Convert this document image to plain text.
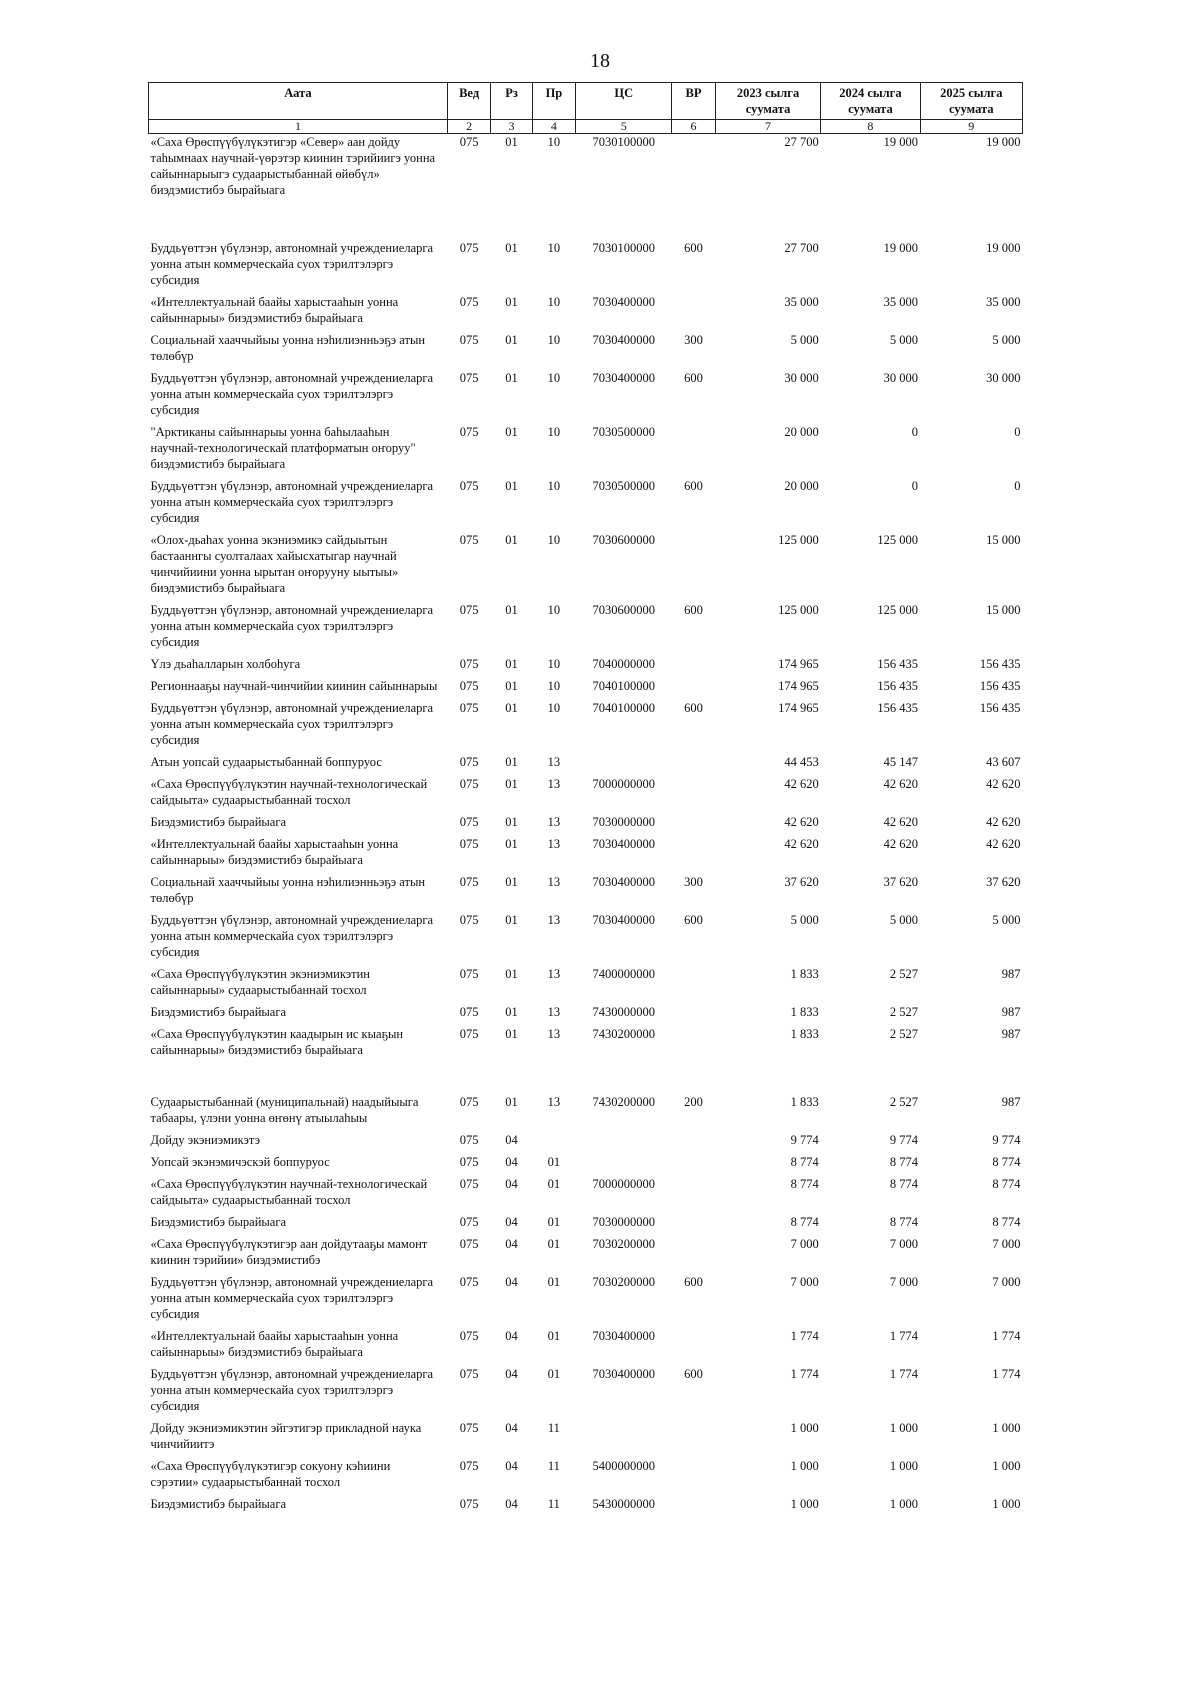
18
Аата	Вед	Рз	Пр	ЦС	ВР	2023 сылга суумата	2024 сылга суумата	2025 сылга суумата
1	2	3	4	5	6	7	8	9
«Саха Өрөспүүбүлүкэтигэр «Север» аан дойду таһымнаах научнай-үөрэтэр киинин тэрийиигэ уонна сайыннарыыгэ судаарыстыбаннай өйөбүл» биэдэмистибэ бырайыага	075	01	10	7030100000		27 700	19 000	19 000
Буддьүөттэн үбүлэнэр, автономнай учреждениеларга уонна атын коммерческайа суох тэрилтэлэргэ субсидия	075	01	10	7030100000	600	27 700	19 000	19 000
«Интеллектуальнай баайы харыстааһын уонна сайыннарыы» биэдэмистибэ бырайыага	075	01	10	7030400000		35 000	35 000	35 000
Социальнай хааччыйыы уонна нэһилиэнньэҕэ атын төлөбүр	075	01	10	7030400000	300	5 000	5 000	5 000
Буддьүөттэн үбүлэнэр, автономнай учреждениеларга уонна атын коммерческайа суох тэрилтэлэргэ субсидия	075	01	10	7030400000	600	30 000	30 000	30 000
"Арктиканы сайыннарыы уонна баһылааһын научнай-технологическай платформатын оҥоруу" биэдэмистибэ бырайыага	075	01	10	7030500000		20 000	0	0
Буддьүөттэн үбүлэнэр, автономнай учреждениеларга уонна атын коммерческайа суох тэрилтэлэргэ субсидия	075	01	10	7030500000	600	20 000	0	0
«Олох-дьаһах уонна экэниэмикэ сайдыытын бастааннгы суолталаах хайысхатыгар научнай чинчийиини уонна ырытан оҥорууну ыытыы» биэдэмистибэ бырайыага	075	01	10	7030600000		125 000	125 000	15 000
Буддьүөттэн үбүлэнэр, автономнай учреждениеларга уонна атын коммерческайа суох тэрилтэлэргэ субсидия	075	01	10	7030600000	600	125 000	125 000	15 000
Үлэ дьаһалларын холбоһуга	075	01	10	7040000000		174 965	156 435	156 435
Регионнааҕы научнай-чинчийии киинин сайыннарыы	075	01	10	7040100000		174 965	156 435	156 435
Буддьүөттэн үбүлэнэр, автономнай учреждениеларга уонна атын коммерческайа суох тэрилтэлэргэ субсидия	075	01	10	7040100000	600	174 965	156 435	156 435
Атын уопсай судаарыстыбаннай боппуруос	075	01	13			44 453	45 147	43 607
«Саха Өрөспүүбүлүкэтин научнай-технологическай сайдыыта» судаарыстыбаннай тосхол	075	01	13	7000000000		42 620	42 620	42 620
Биэдэмистибэ бырайыага	075	01	13	7030000000		42 620	42 620	42 620
«Интеллектуальнай баайы харыстааһын уонна сайыннарыы» биэдэмистибэ бырайыага	075	01	13	7030400000		42 620	42 620	42 620
Социальнай хааччыйыы уонна нэһилиэнньэҕэ атын төлөбүр	075	01	13	7030400000	300	37 620	37 620	37 620
Буддьүөттэн үбүлэнэр, автономнай учреждениеларга уонна атын коммерческайа суох тэрилтэлэргэ субсидия	075	01	13	7030400000	600	5 000	5 000	5 000
«Саха Өрөспүүбүлүкэтин экэниэмикэтин сайыннарыы» судаарыстыбаннай тосхол	075	01	13	7400000000		1 833	2 527	987
Биэдэмистибэ бырайыага	075	01	13	7430000000		1 833	2 527	987
«Саха Өрөспүүбүлүкэтин каадырын ис кыаҕын сайыннарыы» биэдэмистибэ бырайыага	075	01	13	7430200000		1 833	2 527	987
Судаарыстыбаннай (муниципальнай) наадыйыыга табаары, үлэни уонна өҥөнү атыылаһыы	075	01	13	7430200000	200	1 833	2 527	987
Дойду экэниэмикэтэ	075	04				9 774	9 774	9 774
Уопсай экэнэмичэскэй боппуруос	075	04	01			8 774	8 774	8 774
«Саха Өрөспүүбүлүкэтин научнай-технологическай сайдыыта» судаарыстыбаннай тосхол	075	04	01	7000000000		8 774	8 774	8 774
Биэдэмистибэ бырайыага	075	04	01	7030000000		8 774	8 774	8 774
«Саха Өрөспүүбүлүкэтигэр аан дойдутааҕы мамонт киинин тэрийии» биэдэмистибэ	075	04	01	7030200000		7 000	7 000	7 000
Буддьүөттэн үбүлэнэр, автономнай учреждениеларга уонна атын коммерческайа суох тэрилтэлэргэ субсидия	075	04	01	7030200000	600	7 000	7 000	7 000
«Интеллектуальнай баайы харыстааһын уонна сайыннарыы» биэдэмистибэ бырайыага	075	04	01	7030400000		1 774	1 774	1 774
Буддьүөттэн үбүлэнэр, автономнай учреждениеларга уонна атын коммерческайа суох тэрилтэлэргэ субсидия	075	04	01	7030400000	600	1 774	1 774	1 774
Дойду экэниэмикэтин эйгэтигэр прикладной наука чинчийиитэ	075	04	11			1 000	1 000	1 000
«Саха Өрөспүүбүлүкэтигэр сокуону кэһиини сэрэтии» судаарыстыбаннай тосхол	075	04	11	5400000000		1 000	1 000	1 000
Биэдэмистибэ бырайыага	075	04	11	5430000000		1 000	1 000	1 000
